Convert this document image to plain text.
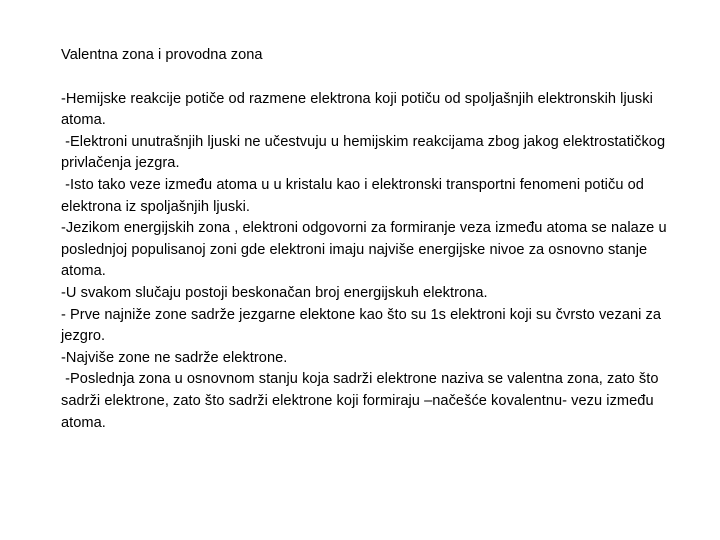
Valentna zona i provodna zona

-Hemijske reakcije potiče od razmene elektrona koji potiču od spoljašnjih elektronskih ljuski atoma.

-Elektroni unutrašnjih ljuski ne učestvuju u hemijskim reakcijama zbog jakog elektrostatičkog privlačenja jezgra.

-Isto tako veze između atoma u u kristalu kao i elektronski transportni fenomeni potiču od elektrona iz spoljašnjih ljuski.

-Jezikom energijskih zona , elektroni odgovorni za formiranje veza između atoma se nalaze u poslednjoj populisanoj zoni gde elektroni imaju najviše energijske nivoe za osnovno stanje atoma.

-U svakom slučaju postoji beskonačan broj energijskuh elektrona.

- Prve najniže zone sadrže jezgarne elektone kao što su 1s elektroni koji su čvrsto vezani za jezgro.

-Najviše zone ne sadrže elektrone.

-Poslednja zona u osnovnom stanju koja sadrži elektrone naziva se valentna zona, zato što sadrži elektrone, zato što sadrži elektrone koji formiraju –načešće kovalentnu- vezu između atoma.
